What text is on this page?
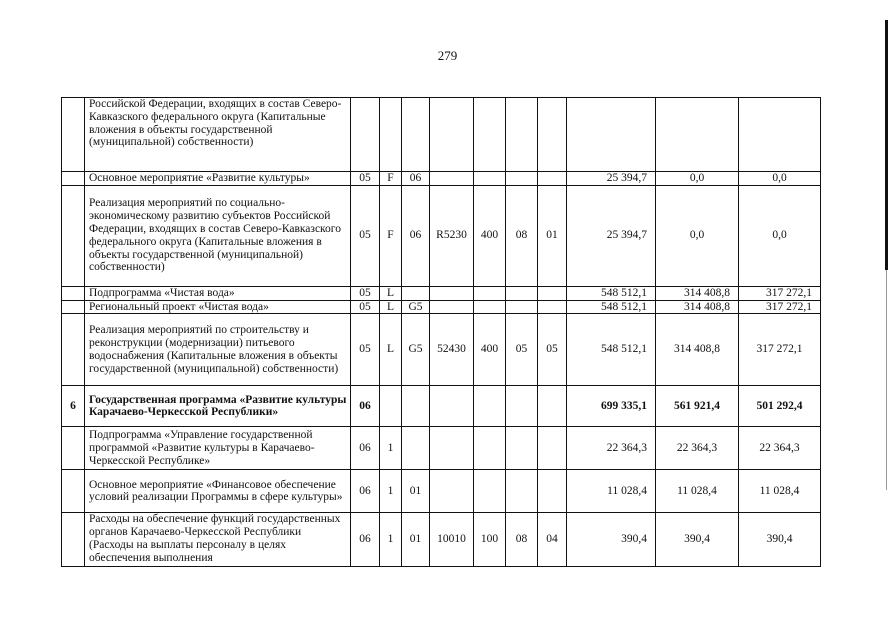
279
	Российской Федерации, входящих в состав Северо-Кавказского федерального округа (Капитальные вложения в объекты государственной (муниципальной) собственности)										
	Основное мероприятие «Развитие культуры»	05	F	06					25 394,7	0,0	0,0
	Реализация мероприятий по социально-экономическому развитию субъектов Российской Федерации, входящих в состав Северо-Кавказского федерального округа (Капитальные вложения в объекты государственной (муниципальной) собственности)	05	F	06	R5230	400	08	01	25 394,7	0,0	0,0
	Подпрограмма «Чистая вода»	05	L						548 512,1	314 408,8	317 272,1
	Региональный проект «Чистая вода»	05	L	G5					548 512,1	314 408,8	317 272,1
	Реализация мероприятий по строительству и реконструкции (модернизации) питьевого водоснабжения (Капитальные вложения в объекты государственной (муниципальной) собственности)	05	L	G5	52430	400	05	05	548 512,1	314 408,8	317 272,1
6	Государственная программа «Развитие культуры Карачаево-Черкесской Республики»	06							699 335,1	561 921,4	501 292,4
	Подпрограмма «Управление государственной программой «Развитие культуры в Карачаево-Черкесской Республике»	06	1						22 364,3	22 364,3	22 364,3
	Основное мероприятие «Финансовое обеспечение условий реализации Программы в сфере культуры»	06	1	01					11 028,4	11 028,4	11 028,4
	Расходы на обеспечение функций государственных органов Карачаево-Черкесской Республики (Расходы на выплаты персоналу в целях обеспечения выполнения	06	1	01	10010	100	08	04	390,4	390,4	390,4
